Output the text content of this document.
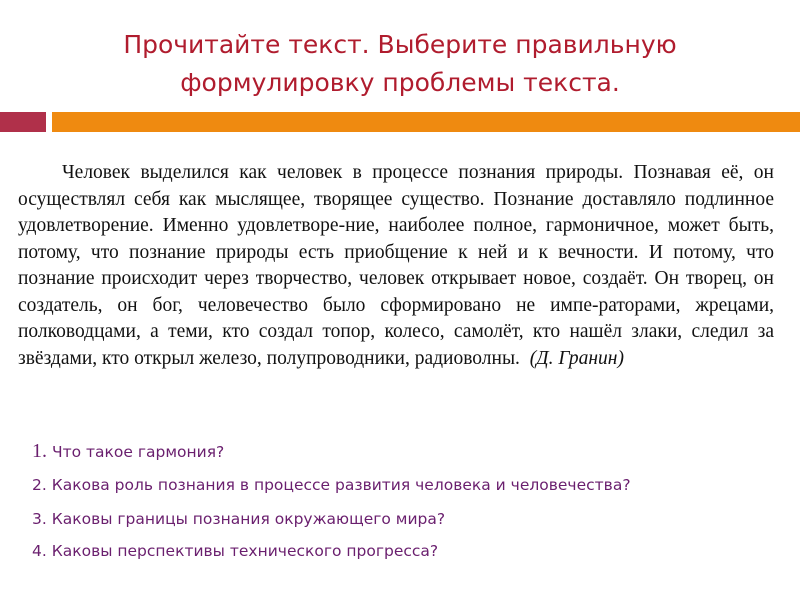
Прочитайте текст. Выберите правильную
формулировку проблемы текста.
Человек выделился как человек в процессе познания природы. Познавая её, он осуществлял себя как мыслящее, творящее существо. Познание доставляло подлинное удовлетворение. Именно удовлетворе-ние, наиболее полное, гармоничное, может быть, потому, что познание природы есть приобщение к ней и к вечности. И потому, что познание происходит через творчество, человек открывает новое, создаёт. Он творец, он создатель, он бог, человечество было сформировано не импе-раторами, жрецами, полководцами, а теми, кто создал топор, колесо, самолёт, кто нашёл злаки, следил за звёздами, кто открыл железо, полупроводники, радиоволны. (Д. Гранин)
1. Что такое гармония?
2. Какова роль познания в процессе развития человека и человечества?
3. Каковы границы познания окружающего мира?
4. Каковы перспективы технического прогресса?
